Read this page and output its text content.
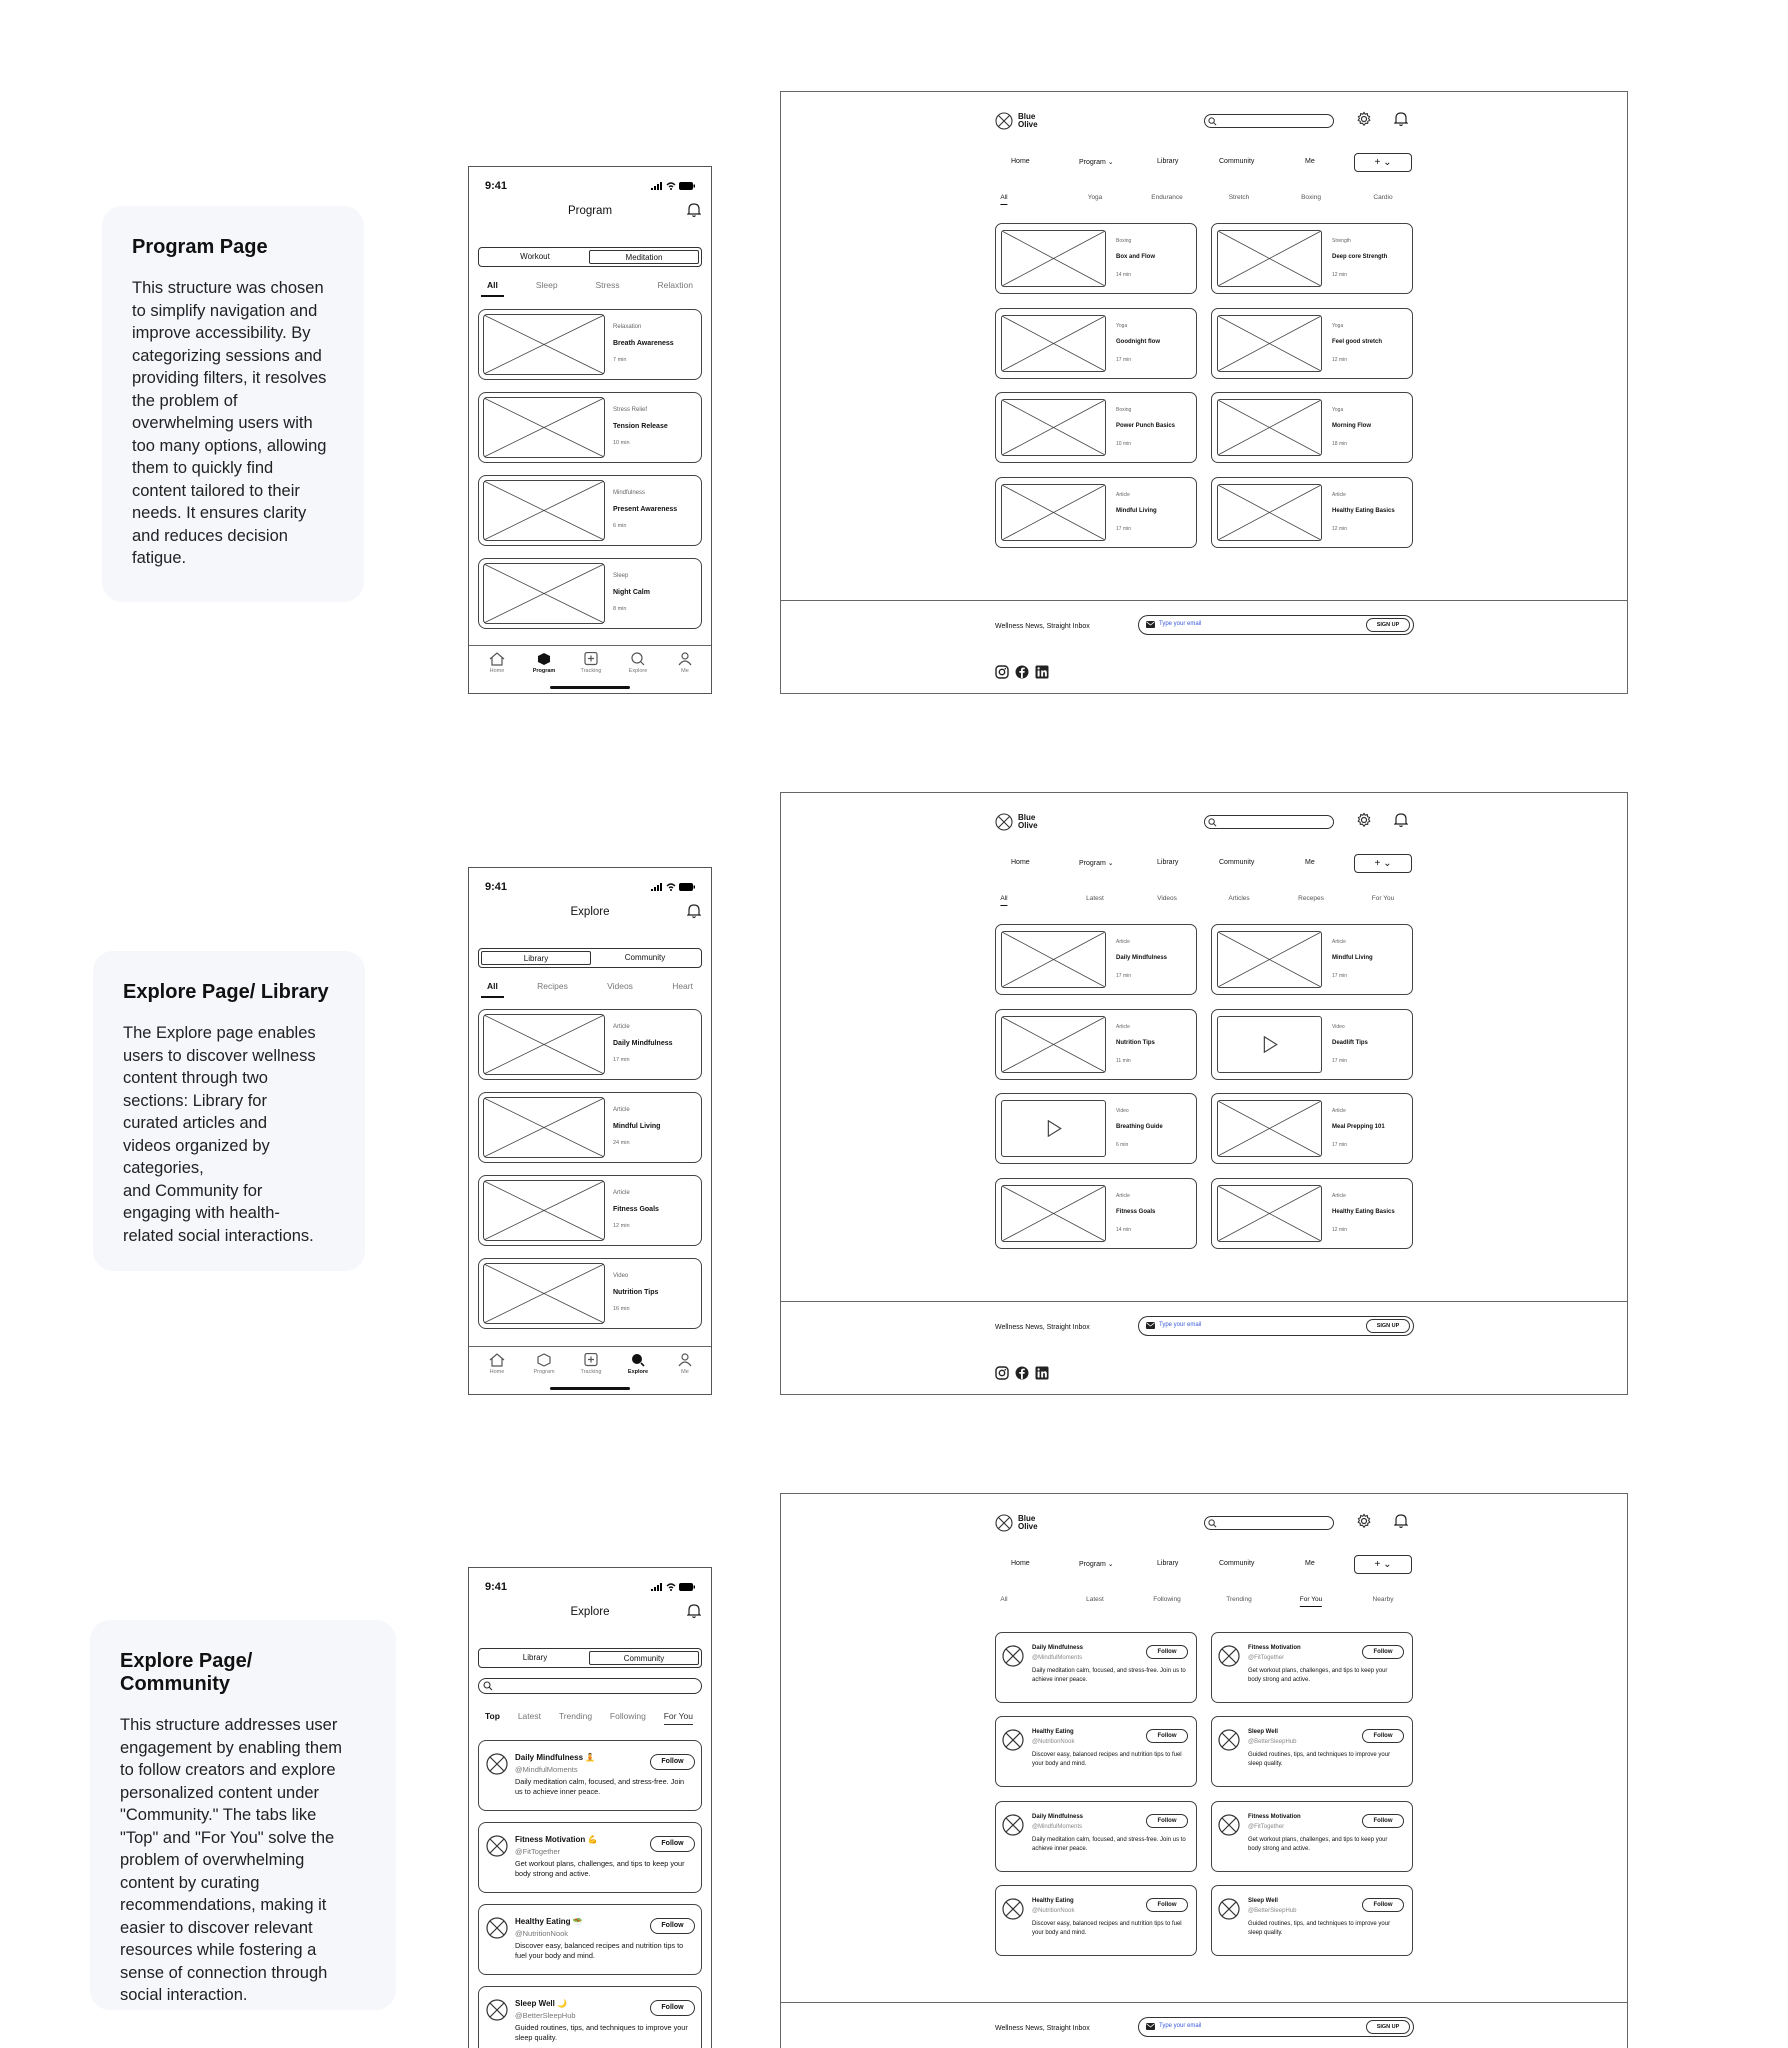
Program Page

This structure was chosen
to simplify navigation and
improve accessibility. By
categorizing sessions and
providing filters, it resolves
the problem of
overwhelming users with
too many options, allowing
them to quickly find
content tailored to their
needs. It ensures clarity
and reduces decision
fatigue.

Explore Page/ Library

The Explore page enables
users to discover wellness
content through two
sections: Library for
curated articles and
videos organized by
categories,
and Community for
engaging with health-
related social interactions.

Explore Page/ Community

This structure addresses user
engagement by enabling them
to follow creators and explore
personalized content under
"Community." The tabs like
"Top" and "For You" solve the
problem of overwhelming
content by curating
recommendations, making it
easier to discover relevant
resources while fostering a
sense of connection through
social interaction.

9:41
Program
Workout	Meditation
All	Sleep	Stress	Relaxtion
Relaxation
Breath Awareness
7 min
Stress Relief
Tension Release
10 min
Mindfulness
Present Awareness
6 min
Sleep
Night Calm
8 min
Home	Program	Tracking	Explore	Me
9:41
Explore
Library	Community
All	Recipes	Videos	Heart
Article
Daily Mindfulness
17 min
Article
Mindful Living
24 min
Article
Fitness Goals
12 min
Video
Nutrition Tips
16 min
Home	Program	Tracking	Explore	Me
9:41
Explore
Library	Community
Top Latest Trending Following For You
Daily Mindfulness 🧘
@MindfulMoments
Daily meditation calm, focused, and stress-free. Join us to achieve inner peace.
Follow
Fitness Motivation 💪
@FitTogether
Get workout plans, challenges, and tips to keep your body strong and active.
Follow
Healthy Eating 🥗
@NutritionNook
Discover easy, balanced recipes and nutrition tips to fuel your body and mind.
Follow
Sleep Well 🌙
@BetterSleepHub
Guided routines, tips, and techniques to improve your sleep quality.
Follow
Blue
Olive
Home	Program ⌄	Library	Community	Me	+ ⌄
All	Yoga	Endurance	Stretch	Boxing	Cardio
Boxing
Box and Flow
14 min
Strength
Deep core Strength
12 min
Yoga
Goodnight flow
17 min
Yoga
Feel good stretch
12 min
Boxing
Power Punch Basics
10 min
Yoga
Morning Flow
18 min
Article
Mindful Living
17 min
Article
Healthy Eating Basics
12 min
Wellness News, Straight Inbox	Type your email	SIGN UP
Blue
Olive
Home	Program ⌄	Library	Community	Me	+ ⌄
All	Latest	Videos	Articles	Recepes	For You
Article
Daily Mindfulness
17 min
Article
Mindful Living
17 min
Article
Nutrition Tips
11 min
Video
Deadlift Tips
17 min
Video
Breathing Guide
6 min
Article
Meal Prepping 101
17 min
Article
Fitness Goals
14 min
Article
Healthy Eating Basics
12 min
Wellness News, Straight Inbox	Type your email	SIGN UP
Blue
Olive
Home	Program ⌄	Library	Community	Me	+ ⌄
All	Latest	Following	Trending	For You	Nearby
Daily Mindfulness
@MindfulMoments
Daily meditation calm, focused, and stress-free. Join us to achieve inner peace.
Follow
Fitness Motivation
@FitTogether
Get workout plans, challenges, and tips to keep your body strong and active.
Follow
Healthy Eating
@NutritionNook
Discover easy, balanced recipes and nutrition tips to fuel your body and mind.
Follow
Sleep Well
@BetterSleepHub
Guided routines, tips, and techniques to improve your sleep quality.
Follow
Daily Mindfulness
@MindfulMoments
Daily meditation calm, focused, and stress-free. Join us to achieve inner peace.
Follow
Fitness Motivation
@FitTogether
Get workout plans, challenges, and tips to keep your body strong and active.
Follow
Healthy Eating
@NutritionNook
Discover easy, balanced recipes and nutrition tips to fuel your body and mind.
Follow
Sleep Well
@BetterSleepHub
Guided routines, tips, and techniques to improve your sleep quality.
Follow
Wellness News, Straight Inbox	Type your email	SIGN UP
